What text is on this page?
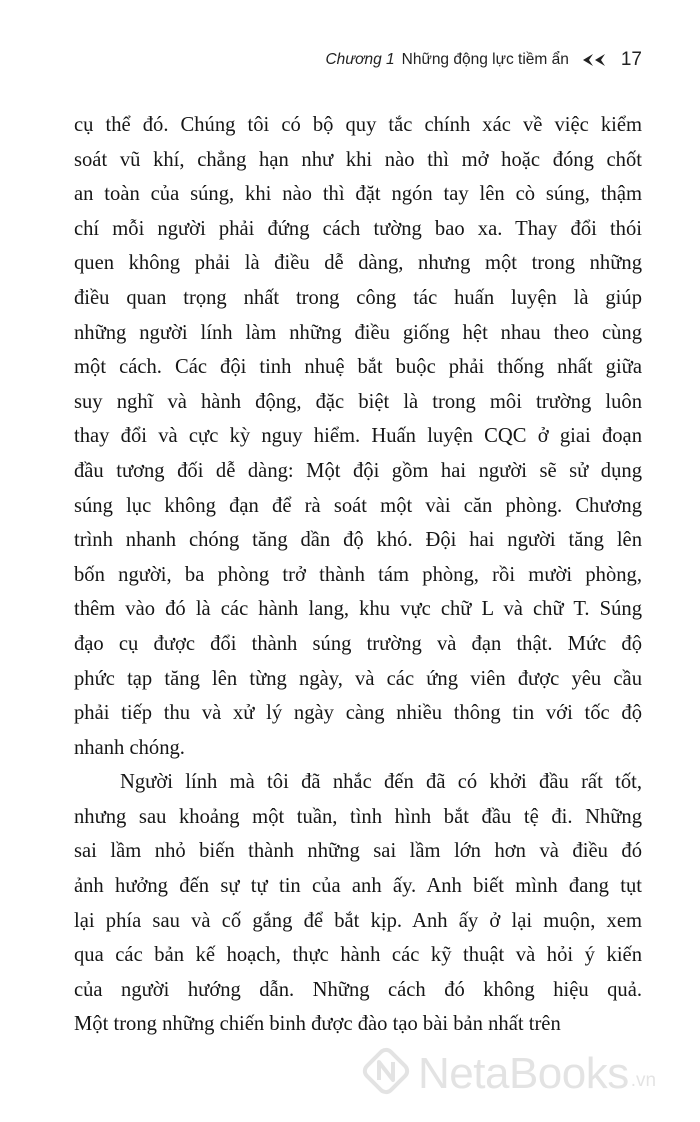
Chương 1 Những động lực tiềm ẩn	17
cụ thể đó. Chúng tôi có bộ quy tắc chính xác về việc kiểm
soát vũ khí, chẳng hạn như khi nào thì mở hoặc đóng chốt
an toàn của súng, khi nào thì đặt ngón tay lên cò súng, thậm
chí mỗi người phải đứng cách tường bao xa. Thay đổi thói
quen không phải là điều dễ dàng, nhưng một trong những
điều quan trọng nhất trong công tác huấn luyện là giúp
những người lính làm những điều giống hệt nhau theo cùng
một cách. Các đội tinh nhuệ bắt buộc phải thống nhất giữa
suy nghĩ và hành động, đặc biệt là trong môi trường luôn
thay đổi và cực kỳ nguy hiểm. Huấn luyện CQC ở giai đoạn
đầu tương đối dễ dàng: Một đội gồm hai người sẽ sử dụng
súng lục không đạn để rà soát một vài căn phòng. Chương
trình nhanh chóng tăng dần độ khó. Đội hai người tăng lên
bốn người, ba phòng trở thành tám phòng, rồi mười phòng,
thêm vào đó là các hành lang, khu vực chữ L và chữ T. Súng
đạo cụ được đổi thành súng trường và đạn thật. Mức độ
phức tạp tăng lên từng ngày, và các ứng viên được yêu cầu
phải tiếp thu và xử lý ngày càng nhiều thông tin với tốc độ
nhanh chóng.
Người lính mà tôi đã nhắc đến đã có khởi đầu rất tốt,
nhưng sau khoảng một tuần, tình hình bắt đầu tệ đi. Những
sai lầm nhỏ biến thành những sai lầm lớn hơn và điều đó
ảnh hưởng đến sự tự tin của anh ấy. Anh biết mình đang tụt
lại phía sau và cố gắng để bắt kịp. Anh ấy ở lại muộn, xem
qua các bản kế hoạch, thực hành các kỹ thuật và hỏi ý kiến
của người hướng dẫn. Những cách đó không hiệu quả.
Một trong những chiến binh được đào tạo bài bản nhất trên
NetaBooks .vn
